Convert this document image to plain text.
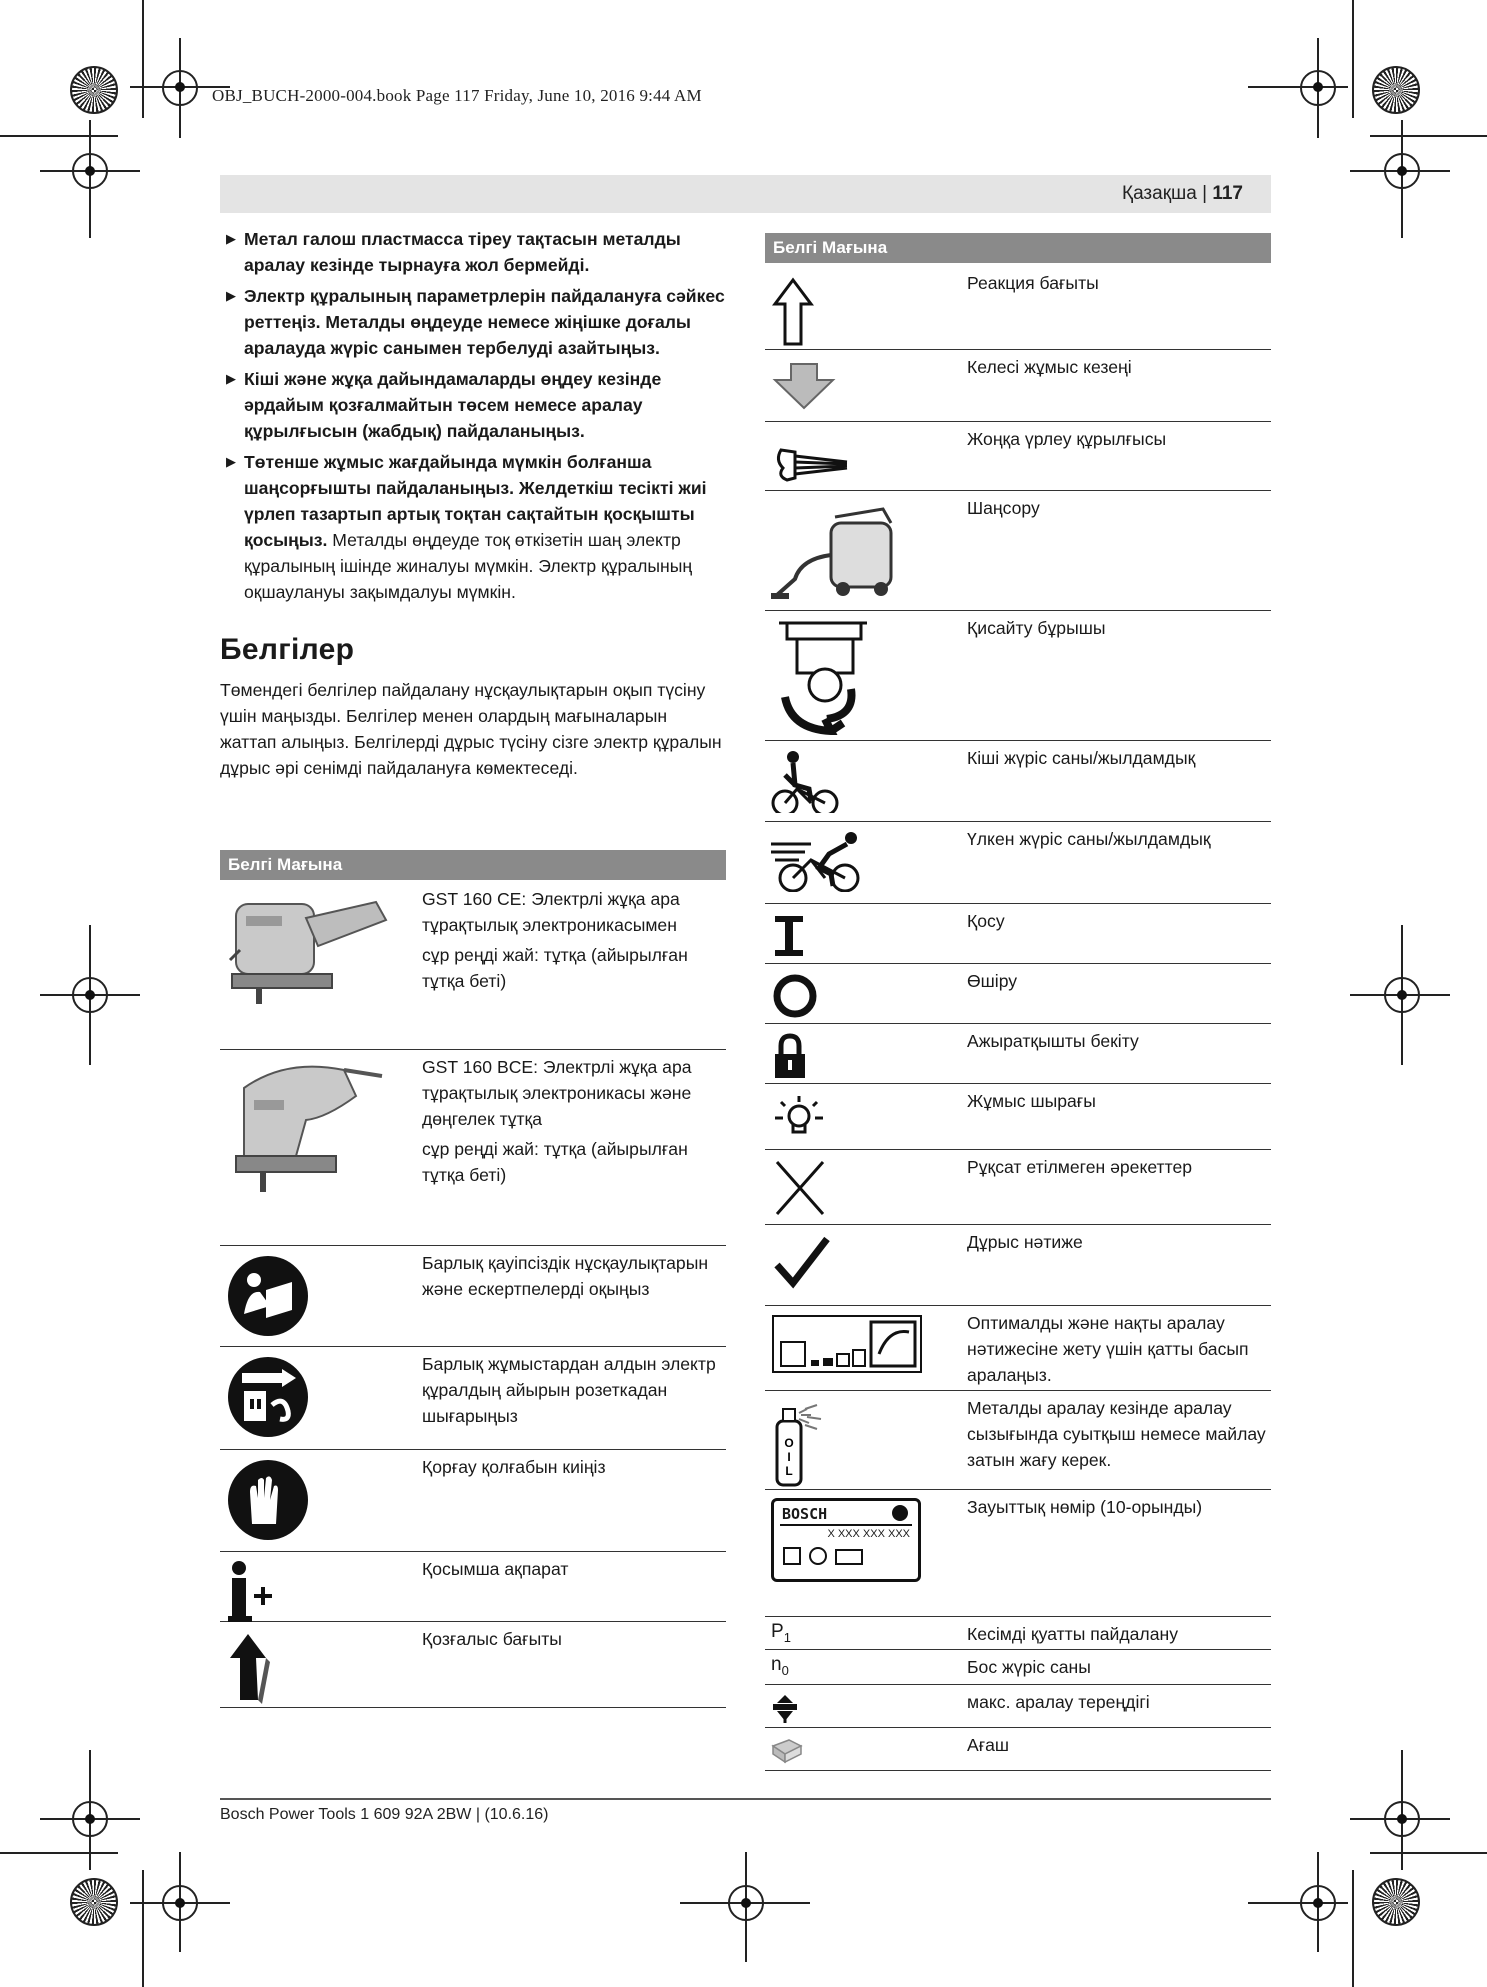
OBJ_BUCH-2000-004.book Page 117 Friday, June 10, 2016 9:44 AM
Қазақша | 117
▶ Метал галош пластмасса тіреу тақтасын металды аралау кезінде тырнауға жол бермейді.
▶ Электр құралының параметрлерін пайдалануға сәйкес реттеңіз. Металды өңдеуде немесе жіңішке доғалы аралауда жүріс санымен тербелуді азайтыңыз.
▶ Кіші және жұқа дайындамаларды өңдеу кезінде әрдайым қозғалмайтын төсем немесе аралау құрылғысын (жабдық) пайдаланыңыз.
▶ Төтенше жұмыс жағдайында мүмкін болғанша шаңсорғышты пайдаланыңыз. Желдеткіш тесікті жиі үрлеп тазартып артық тоқтан сақтайтын қосқышты қосыңыз. Металды өңдеуде тоқ өткізетін шаң электр құралының ішінде жиналуы мүмкін. Электр құралының оқшаулануы зақымдалуы мүмкін.
Белгілер
Төмендегі белгілер пайдалану нұсқаулықтарын оқып түсіну үшін маңызды. Белгілер менен олардың мағыналарын жаттап алыңыз. Белгілерді дұрыс түсіну сізге электр құралын дұрыс әрі сенімді пайдалануға көмектеседі.
Белгі Мағына
GST 160 CE: Электрлі жұқа ара тұрақтылық электроникасымен
сұр реңді жай: тұтқа (айырылған тұтқа беті)
GST 160 BCE: Электрлі жұқа ара тұрақтылық электроникасы және дөңгелек тұтқа
сұр реңді жай: тұтқа (айырылған тұтқа беті)
Барлық қауіпсіздік нұсқаулықтарын және ескертпелерді оқыңыз
Барлық жұмыстардан алдын электр құралдың айырын розеткадан шығарыңыз
Қорғау қолғабын киіңіз
Қосымша ақпарат
Қозғалыс бағыты
Белгі Мағына
Реакция бағыты
Келесі жұмыс кезеңі
Жоңқа үрлеу құрылғысы
Шаңсору
Қисайту бұрышы
Кіші жүріс саны/жылдамдық
Үлкен жүріс саны/жылдамдық
Қосу
Өшіру
Ажыратқышты бекіту
Жұмыс шырағы
Рұқсат етілмеген әрекеттер
Дұрыс нәтиже
Оптималды және нақты аралау нәтижесіне жету үшін қатты басып аралаңыз.
O
I
L
Металды аралау кезінде аралау сызығында суытқыш немесе майлау затын жағу керек.
BOSCH
X XXX XXX XXX
Зауыттық нөмір (10-орынды)
$P_1$	Кесімді қуатты пайдалану
$n_0$	Бос жүріс саны
макс. аралау тереңдігі
Ағаш
Bosch Power Tools 1 609 92A 2BW | (10.6.16)
